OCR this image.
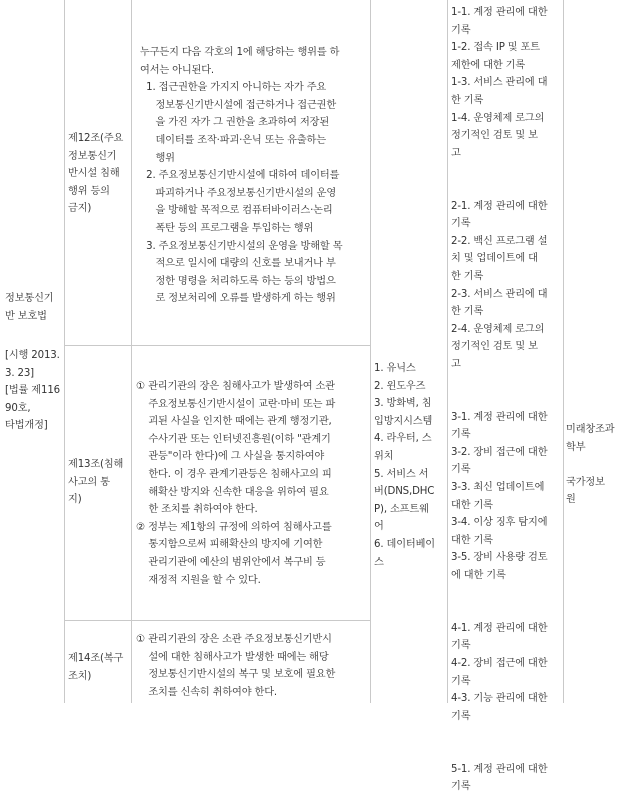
정보통신기
반 보호법
[시행 2013.
3. 23]
[법률 제116
90호,
타법개정]
제12조(주요
정보통신기
반시설 침해
행위 등의
금지)
누구든지 다음 각호의 1에 해당하는 행위를 하
여서는 아니된다.
1. 접근권한을 가지지 아니하는 자가 주요
정보통신기반시설에 접근하거나 접근권한
을 가진 자가 그 권한을 초과하여 저장된
데이터를 조작·파괴·은닉 또는 유출하는
행위
2. 주요정보통신기반시설에 대하여 데이터를
파괴하거나 주요정보통신기반시설의 운영
을 방해할 목적으로 컴퓨터바이러스·논리
폭탄 등의 프로그램을 투입하는 행위
3. 주요정보통신기반시설의 운영을 방해할 목
적으로 일시에 대량의 신호를 보내거나 부
정한 명령을 처리하도록 하는 등의 방법으
로 정보처리에 오류를 발생하게 하는 행위
제13조(침해
사고의 통
지)
① 관리기관의 장은 침해사고가 발생하여 소관
주요정보통신기반시설이 교란·마비 또는 파
괴된 사실을 인지한 때에는 관계 행정기관,
수사기관 또는 인터넷진흥원(이하 "관계기
관등"이라 한다)에 그 사실을 통지하여야
한다. 이 경우 관계기관등은 침해사고의 피
해확산 방지와 신속한 대응을 위하여 필요
한 조치를 취하여야 한다.
② 정부는 제1항의 규정에 의하여 침해사고를
통지함으로써 피해확산의 방지에 기여한
관리기관에 예산의 범위안에서 복구비 등
재정적 지원을 할 수 있다.
제14조(복구
조치)
① 관리기관의 장은 소관 주요정보통신기반시
설에 대한 침해사고가 발생한 때에는 해당
정보통신기반시설의 복구 및 보호에 필요한
조치를 신속히 취하여야 한다.
1. 유닉스
2. 윈도우즈
3. 방화벽, 침
입방지시스템
4. 라우터, 스
위치
5. 서비스 서
버(DNS,DHC
P), 소프트웨
어
6. 데이터베이
스
1-1. 계정 관리에 대한
기록
1-2. 접속 IP 및 포트
제한에 대한 기록
1-3. 서비스 관리에 대
한 기록
1-4. 운영체제 로그의
정기적인 검토 및 보
고

2-1. 계정 관리에 대한
기록
2-2. 백신 프로그램 설
치 및 업데이트에 대
한 기록
2-3. 서비스 관리에 대
한 기록
2-4. 운영체제 로그의
정기적인 검토 및 보
고

3-1. 계정 관리에 대한
기록
3-2. 장비 접근에 대한
기록
3-3. 최신 업데이트에
대한 기록
3-4. 이상 징후 탐지에
대한 기록
3-5. 장비 사용량 검토
에 대한 기록

4-1. 계정 관리에 대한
기록
4-2. 장비 접근에 대한
기록
4-3. 기능 관리에 대한
기록

5-1. 계정 관리에 대한
기록
미래창조과
학부

국가정보
원
